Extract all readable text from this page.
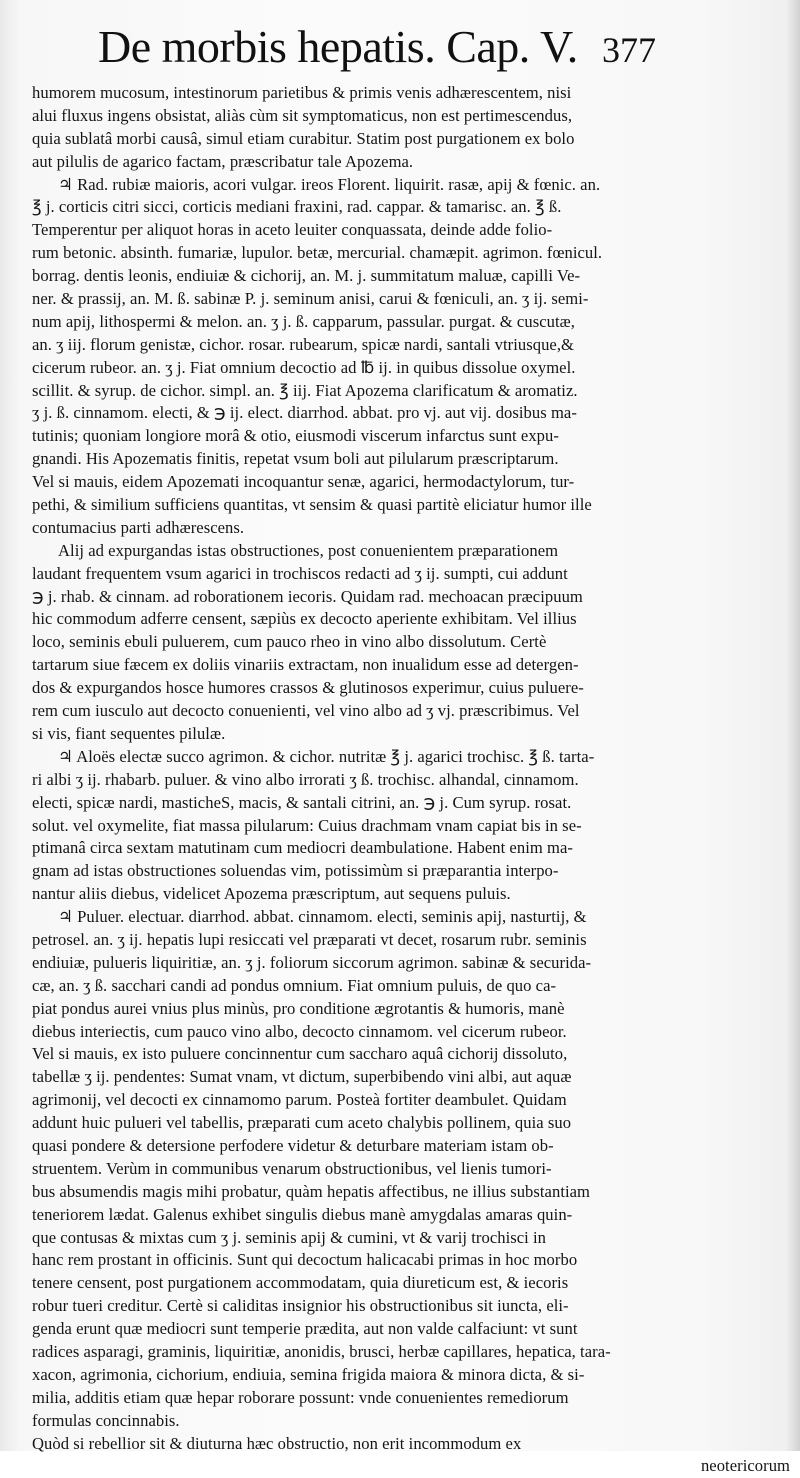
De morbis hepatis. Cap. V. 377
humorem mucosum, intestinorum parietibus & primis venis adhærescentem, nisi
alui fluxus ingens obsistat, aliàs cùm sit symptomaticus, non est pertimescendus,
quia sublatâ morbi causâ, simul etiam curabitur. Statim post purgationem ex bolo
aut pilulis de agarico factam, præscribatur tale Apozema.
♃ Rad. rubiæ maioris, acori vulgar. ireos Florent. liquirit. rasæ, apij & fœnic. an.
℥ j. corticis citri sicci, corticis mediani fraxini, rad. cappar. & tamarisc. an. ℥ ß.
Temperentur per aliquot horas in aceto leuiter conquassata, deinde adde folio-
rum betonic. absinth. fumariæ, lupulor. betæ, mercurial. chamæpit. agrimon. fœnicul.
borrag. dentis leonis, endiuiæ & cichorij, an. M. j. summitatum maluæ, capilli Ve-
ner. & prassij, an. M. ß. sabinæ P. j. seminum anisi, carui & fœniculi, an. ʒ ij. semi-
num apij, lithospermi & melon. an. ʒ j. ß. capparum, passular. purgat. & cuscutæ,
an. ʒ iij. florum genistæ, cichor. rosar. rubearum, spicæ nardi, santali vtriusque,&
cicerum rubeor. an. ʒ j. Fiat omnium decoctio ad ℔ ij. in quibus dissolue oxymel.
scillit. & syrup. de cichor. simpl. an. ℥ iij. Fiat Apozema clarificatum & aromatiz.
ʒ j. ß. cinnamom. electi, & ℈ ij. elect. diarrhod. abbat. pro vj. aut vij. dosibus ma-
tutinis; quoniam longiore morâ & otio, eiusmodi viscerum infarctus sunt expu-
gnandi. His Apozematis finitis, repetat vsum boli aut pilularum præscriptarum.
Vel si mauis, eidem Apozemati incoquantur senæ, agarici, hermodactylorum, tur-
pethi, & similium sufficiens quantitas, vt sensim & quasi partitè eliciatur humor ille
contumacius parti adhærescens.
Alij ad expurgandas istas obstructiones, post conuenientem præparationem
laudant frequentem vsum agarici in trochiscos redacti ad ʒ ij. sumpti, cui addunt
℈ j. rhab. & cinnam. ad roborationem iecoris. Quidam rad. mechoacan præcipuum
hic commodum adferre censent, sæpiùs ex decocto aperiente exhibitam. Vel illius
loco, seminis ebuli puluerem, cum pauco rheo in vino albo dissolutum. Certè
tartarum siue fæcem ex doliis vinariis extractam, non inualidum esse ad detergen-
dos & expurgandos hosce humores crassos & glutinosos experimur, cuius puluere-
rem cum iusculo aut decocto conuenienti, vel vino albo ad ʒ vj. præscribimus. Vel
si vis, fiant sequentes pilulæ.
♃ Aloës electæ succo agrimon. & cichor. nutritæ ℥ j. agarici trochisc. ℥ ß. tarta-
ri albi ʒ ij. rhabarb. puluer. & vino albo irrorati ʒ ß. trochisc. alhandal, cinnamom.
electi, spicæ nardi, masticheS, macis, & santali citrini, an. ℈ j. Cum syrup. rosat.
solut. vel oxymelite, fiat massa pilularum: Cuius drachmam vnam capiat bis in se-
ptimanâ circa sextam matutinam cum mediocri deambulatione. Habent enim ma-
gnam ad istas obstructiones soluendas vim, potissimùm si præparantia interpo-
nantur aliis diebus, videlicet Apozema præscriptum, aut sequens puluis.
♃ Puluer. electuar. diarrhod. abbat. cinnamom. electi, seminis apij, nasturtij, &
petrosel. an. ʒ ij. hepatis lupi resiccati vel præparati vt decet, rosarum rubr. seminis
endiuiæ, pulueris liquiritiæ, an. ʒ j. foliorum siccorum agrimon. sabinæ & securida-
cæ, an. ʒ ß. sacchari candi ad pondus omnium. Fiat omnium puluis, de quo ca-
piat pondus aurei vnius plus minùs, pro conditione ægrotantis & humoris, manè
diebus interiectis, cum pauco vino albo, decocto cinnamom. vel cicerum rubeor.
Vel si mauis, ex isto puluere concinnentur cum saccharo aquâ cichorij dissoluto,
tabellæ ʒ ij. pendentes: Sumat vnam, vt dictum, superbibendo vini albi, aut aquæ
agrimonij, vel decocti ex cinnamomo parum. Posteà fortiter deambulet. Quidam
addunt huic pulueri vel tabellis, præparati cum aceto chalybis pollinem, quia suo
quasi pondere & detersione perfodere videtur & deturbare materiam istam ob-
struentem. Verùm in communibus venarum obstructionibus, vel lienis tumori-
bus absumendis magis mihi probatur, quàm hepatis affectibus, ne illius substantiam
teneriorem lædat. Galenus exhibet singulis diebus manè amygdalas amaras quin-
que contusas & mixtas cum ʒ j. seminis apij & cumini, vt & varij trochisci in
hanc rem prostant in officinis. Sunt qui decoctum halicacabi primas in hoc morbo
tenere censent, post purgationem accommodatam, quia diureticum est, & iecoris
robur tueri creditur. Certè si caliditas insignior his obstructionibus sit iuncta, eli-
genda erunt quæ mediocri sunt temperie prædita, aut non valde calfaciunt: vt sunt
radices asparagi, graminis, liquiritiæ, anonidis, brusci, herbæ capillares, hepatica, tara-
xacon, agrimonia, cichorium, endiuia, semina frigida maiora & minora dicta, & si-
milia, additis etiam quæ hepar roborare possunt: vnde conuenientes remediorum
formulas concinnabis.
Quòd si rebellior sit & diuturna hæc obstructio, non erit incommodum ex
neotericorum
